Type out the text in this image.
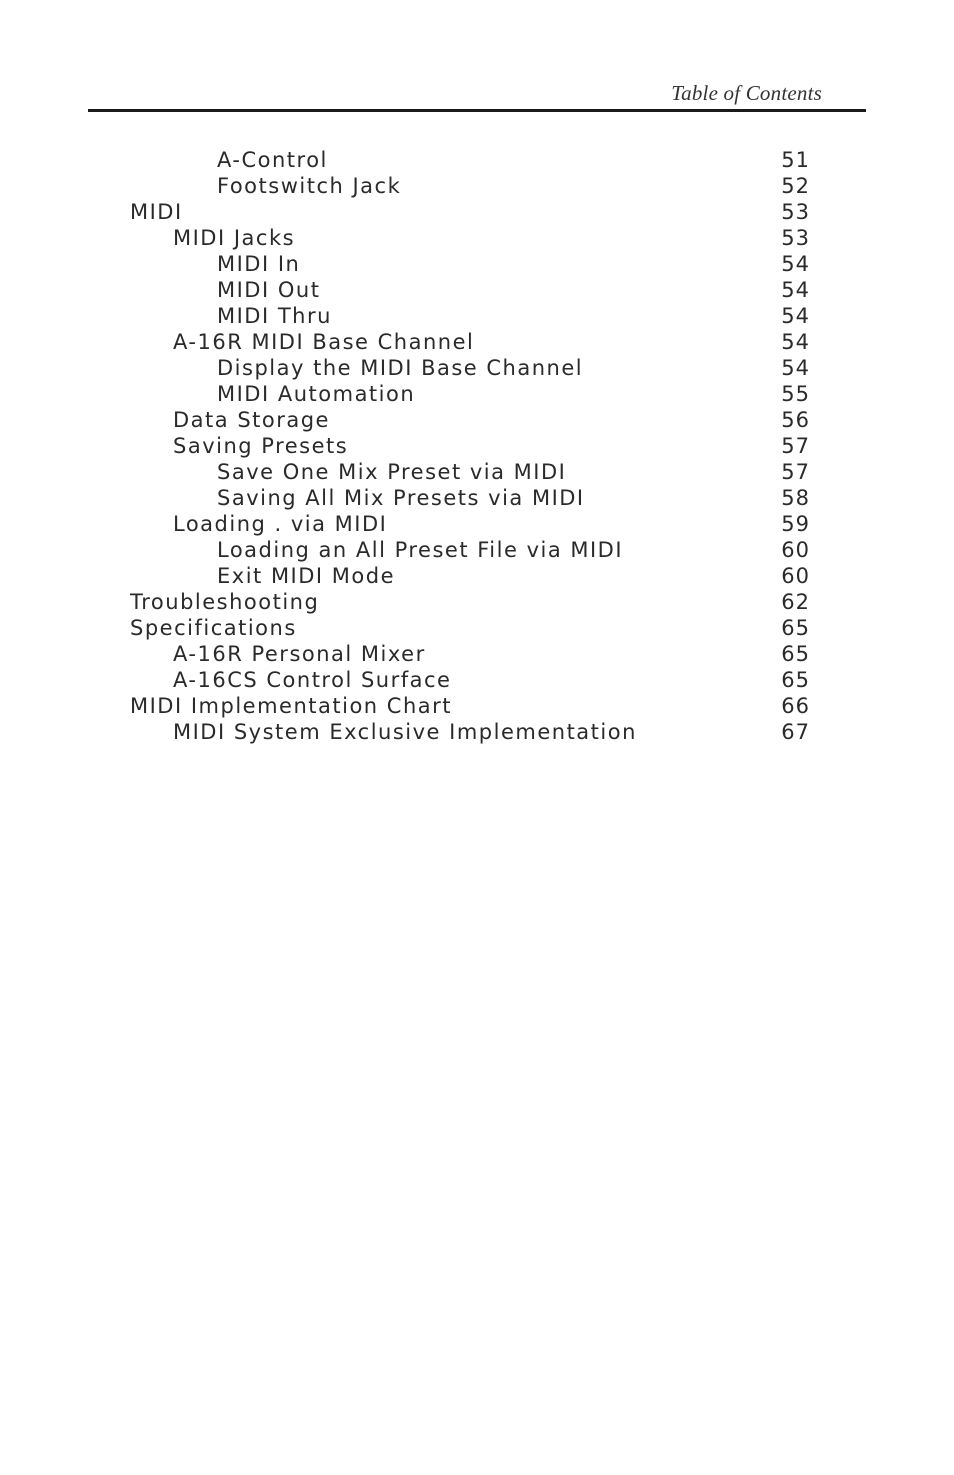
Table of Contents
A-Control	51
Footswitch Jack	52
MIDI	53
MIDI Jacks	53
MIDI In	54
MIDI Out	54
MIDI Thru	54
A-16R MIDI Base Channel	54
Display the MIDI Base Channel	54
MIDI Automation	55
Data Storage	56
Saving Presets	57
Save One Mix Preset via MIDI	57
Saving All Mix Presets via MIDI	58
Loading . via MIDI	59
Loading an All Preset File via MIDI	60
Exit MIDI Mode	60
Troubleshooting	62
Specifications	65
A-16R Personal Mixer	65
A-16CS Control Surface	65
MIDI Implementation Chart	66
MIDI System Exclusive Implementation	67
